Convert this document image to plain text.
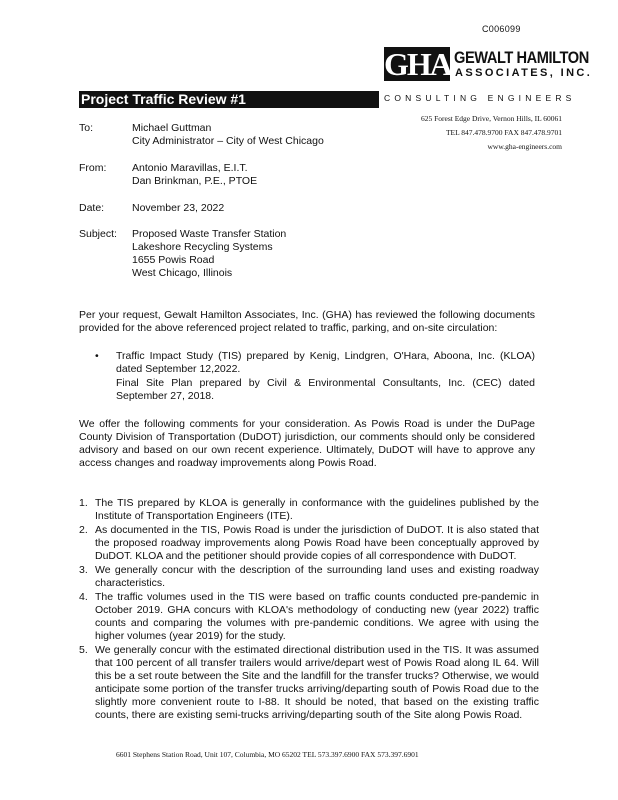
C006099
GHA GEWALT HAMILTON
ASSOCIATES, INC.
Project Traffic Review #1	CONSULTING ENGINEERS
625 Forest Edge Drive, Vernon Hills, IL 60061
TEL 847.478.9700 FAX 847.478.9701
www.gha-engineers.com
To:	Michael Guttman
City Administrator – City of West Chicago
From:	Antonio Maravillas, E.I.T.
Dan Brinkman, P.E., PTOE
Date:	November 23, 2022
Subject:	Proposed Waste Transfer Station
Lakeshore Recycling Systems
1655 Powis Road
West Chicago, Illinois
Per your request, Gewalt Hamilton Associates, Inc. (GHA) has reviewed the following documents provided for the above referenced project related to traffic, parking, and on-site circulation:
• Traffic Impact Study (TIS) prepared by Kenig, Lindgren, O'Hara, Aboona, Inc. (KLOA) dated September 12,2022.
Final Site Plan prepared by Civil & Environmental Consultants, Inc. (CEC) dated September 27, 2018.
We offer the following comments for your consideration. As Powis Road is under the DuPage County Division of Transportation (DuDOT) jurisdiction, our comments should only be considered advisory and based on our own recent experience. Ultimately, DuDOT will have to approve any access changes and roadway improvements along Powis Road.
1. The TIS prepared by KLOA is generally in conformance with the guidelines published by the Institute of Transportation Engineers (ITE).
2. As documented in the TIS, Powis Road is under the jurisdiction of DuDOT. It is also stated that the proposed roadway improvements along Powis Road have been conceptually approved by DuDOT. KLOA and the petitioner should provide copies of all correspondence with DuDOT.
3. We generally concur with the description of the surrounding land uses and existing roadway characteristics.
4. The traffic volumes used in the TIS were based on traffic counts conducted pre-pandemic in October 2019. GHA concurs with KLOA's methodology of conducting new (year 2022) traffic counts and comparing the volumes with pre-pandemic conditions. We agree with using the higher volumes (year 2019) for the study.
5. We generally concur with the estimated directional distribution used in the TIS. It was assumed that 100 percent of all transfer trailers would arrive/depart west of Powis Road along IL 64. Will this be a set route between the Site and the landfill for the transfer trucks? Otherwise, we would anticipate some portion of the transfer trucks arriving/departing south of Powis Road due to the slightly more convenient route to I-88. It should be noted, that based on the existing traffic counts, there are existing semi-trucks arriving/departing south of the Site along Powis Road.
6601 Stephens Station Road, Unit 107, Columbia, MO 65202 TEL 573.397.6900 FAX 573.397.6901
